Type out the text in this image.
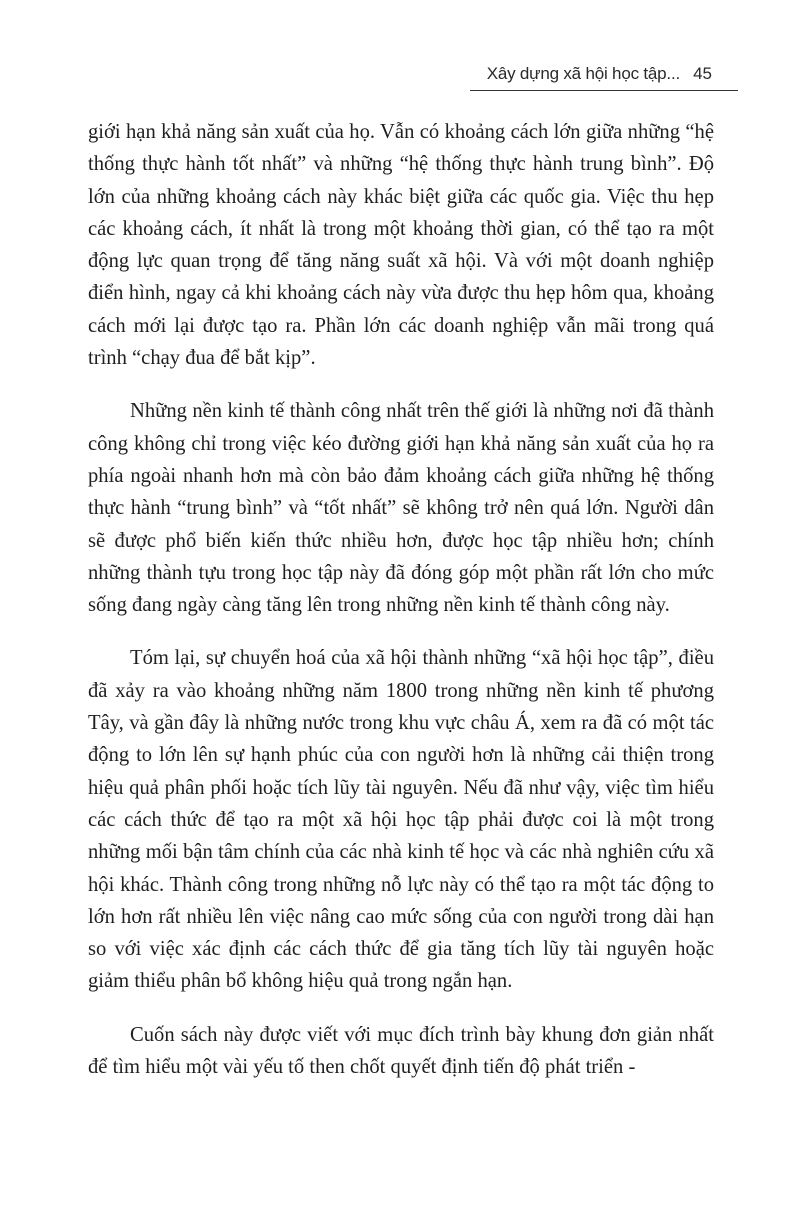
Xây dựng xã hội học tập... 45

giới hạn khả năng sản xuất của họ. Vẫn có khoảng cách lớn giữa những “hệ thống thực hành tốt nhất” và những “hệ thống thực hành trung bình”. Độ lớn của những khoảng cách này khác biệt giữa các quốc gia. Việc thu hẹp các khoảng cách, ít nhất là trong một khoảng thời gian, có thể tạo ra một động lực quan trọng để tăng năng suất xã hội. Và với một doanh nghiệp điển hình, ngay cả khi khoảng cách này vừa được thu hẹp hôm qua, khoảng cách mới lại được tạo ra. Phần lớn các doanh nghiệp vẫn mãi trong quá trình “chạy đua để bắt kịp”.

Những nền kinh tế thành công nhất trên thế giới là những nơi đã thành công không chỉ trong việc kéo đường giới hạn khả năng sản xuất của họ ra phía ngoài nhanh hơn mà còn bảo đảm khoảng cách giữa những hệ thống thực hành “trung bình” và “tốt nhất” sẽ không trở nên quá lớn. Người dân sẽ được phổ biến kiến thức nhiều hơn, được học tập nhiều hơn; chính những thành tựu trong học tập này đã đóng góp một phần rất lớn cho mức sống đang ngày càng tăng lên trong những nền kinh tế thành công này.

Tóm lại, sự chuyển hoá của xã hội thành những “xã hội học tập”, điều đã xảy ra vào khoảng những năm 1800 trong những nền kinh tế phương Tây, và gần đây là những nước trong khu vực châu Á, xem ra đã có một tác động to lớn lên sự hạnh phúc của con người hơn là những cải thiện trong hiệu quả phân phối hoặc tích lũy tài nguyên. Nếu đã như vậy, việc tìm hiểu các cách thức để tạo ra một xã hội học tập phải được coi là một trong những mối bận tâm chính của các nhà kinh tế học và các nhà nghiên cứu xã hội khác. Thành công trong những nỗ lực này có thể tạo ra một tác động to lớn hơn rất nhiều lên việc nâng cao mức sống của con người trong dài hạn so với việc xác định các cách thức để gia tăng tích lũy tài nguyên hoặc giảm thiểu phân bổ không hiệu quả trong ngắn hạn.

Cuốn sách này được viết với mục đích trình bày khung đơn giản nhất để tìm hiểu một vài yếu tố then chốt quyết định tiến độ phát triển -
